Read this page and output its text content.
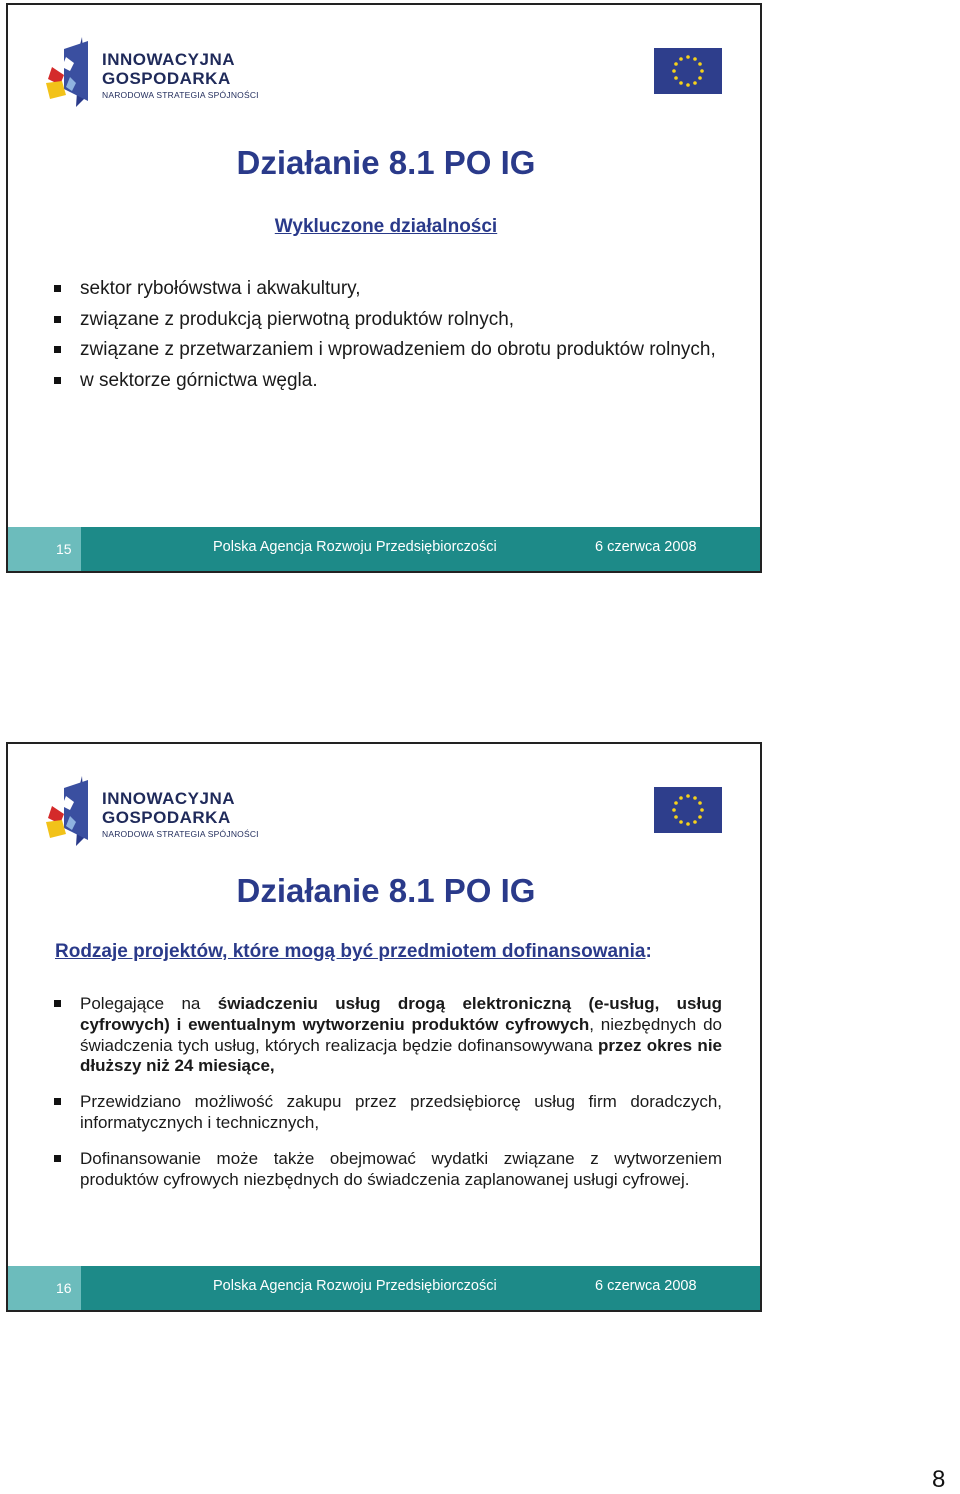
INNOWACYJNA
GOSPODARKA
NARODOWA STRATEGIA SPÓJNOŚCI
Działanie 8.1 PO IG
Wykluczone działalności
sektor rybołówstwa i akwakultury,
związane z produkcją pierwotną produktów rolnych,
związane z przetwarzaniem i wprowadzeniem do obrotu produktów rolnych,
w sektorze górnictwa węgla.
15	Polska Agencja Rozwoju Przedsiębiorczości	6 czerwca 2008
INNOWACYJNA
GOSPODARKA
NARODOWA STRATEGIA SPÓJNOŚCI
Działanie 8.1 PO IG
Rodzaje projektów, które mogą być przedmiotem dofinansowania:
Polegające na świadczeniu usług drogą elektroniczną (e-usług, usług cyfrowych) i ewentualnym wytworzeniu produktów cyfrowych, niezbędnych do świadczenia tych usług, których realizacja będzie dofinansowywana przez okres nie dłuższy niż 24 miesiące,
Przewidziano możliwość zakupu przez przedsiębiorcę usług firm doradczych, informatycznych i technicznych,
Dofinansowanie może także obejmować wydatki związane z wytworzeniem produktów cyfrowych niezbędnych do świadczenia zaplanowanej usługi cyfrowej.
16	Polska Agencja Rozwoju Przedsiębiorczości	6 czerwca 2008
8
